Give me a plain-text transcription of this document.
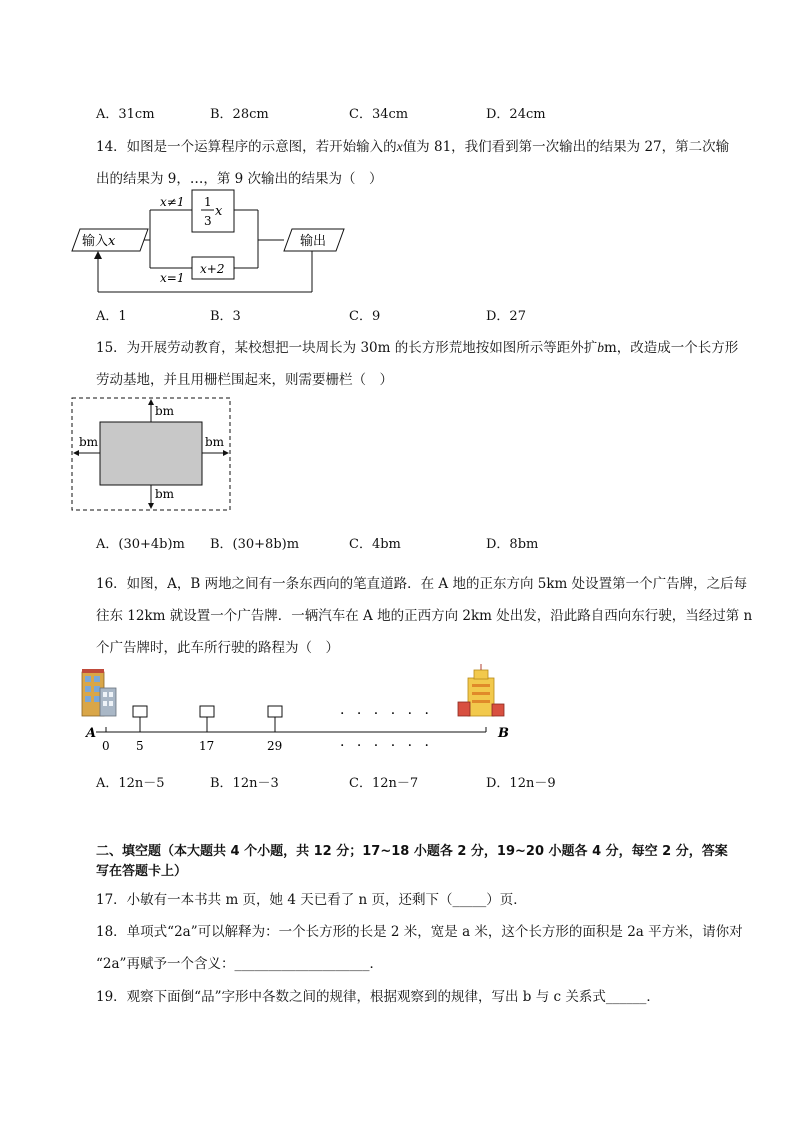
A．31cm	B．28cm	C．34cm	D．24cm
14．如图是一个运算程序的示意图，若开始输入的x值为 81，我们看到第一次输出的结果为 27，第二次输
出的结果为 9，…，第 9 次输出的结果为（　）
输入x
1
3
x
x≠1
x+2
x=1
输出
A．1	B．3	C．9	D．27
15．为开展劳动教育，某校想把一块周长为 30m 的长方形荒地按如图所示等距外扩bm，改造成一个长方形
劳动基地，并且用栅栏围起来，则需要栅栏（　）
bm
bm
bm	bm
A．(30+4b)m B．(30+8b)m	C．4bm	D．8bm
16．如图，A，B 两地之间有一条东西向的笔直道路．在 A 地的正东方向 5km 处设置第一个广告牌，之后每
往东 12km 就设置一个广告牌．一辆汽车在 A 地的正西方向 2km 处出发，沿此路自西向东行驶，当经过第 n
个广告牌时，此车所行驶的路程为（　）
· · · · · ·
A	B
0 5	17	29	· · · · · ·
A．12n－5	B．12n－3	C．12n－7	D．12n－9
二、填空题（本大题共 4 个小题，共 12 分；17~18 小题各 2 分，19~20 小题各 4 分，每空 2 分，答案
写在答题卡上）
17．小敏有一本书共 m 页，她 4 天已看了 n 页，还剩下（_____）页．
18．单项式“2a”可以解释为：一个长方形的长是 2 米，宽是 a 米，这个长方形的面积是 2a 平方米，请你对
“2a”再赋予一个含义：____________________．
19．观察下面倒“品”字形中各数之间的规律，根据观察到的规律，写出 b 与 c 关系式______．
